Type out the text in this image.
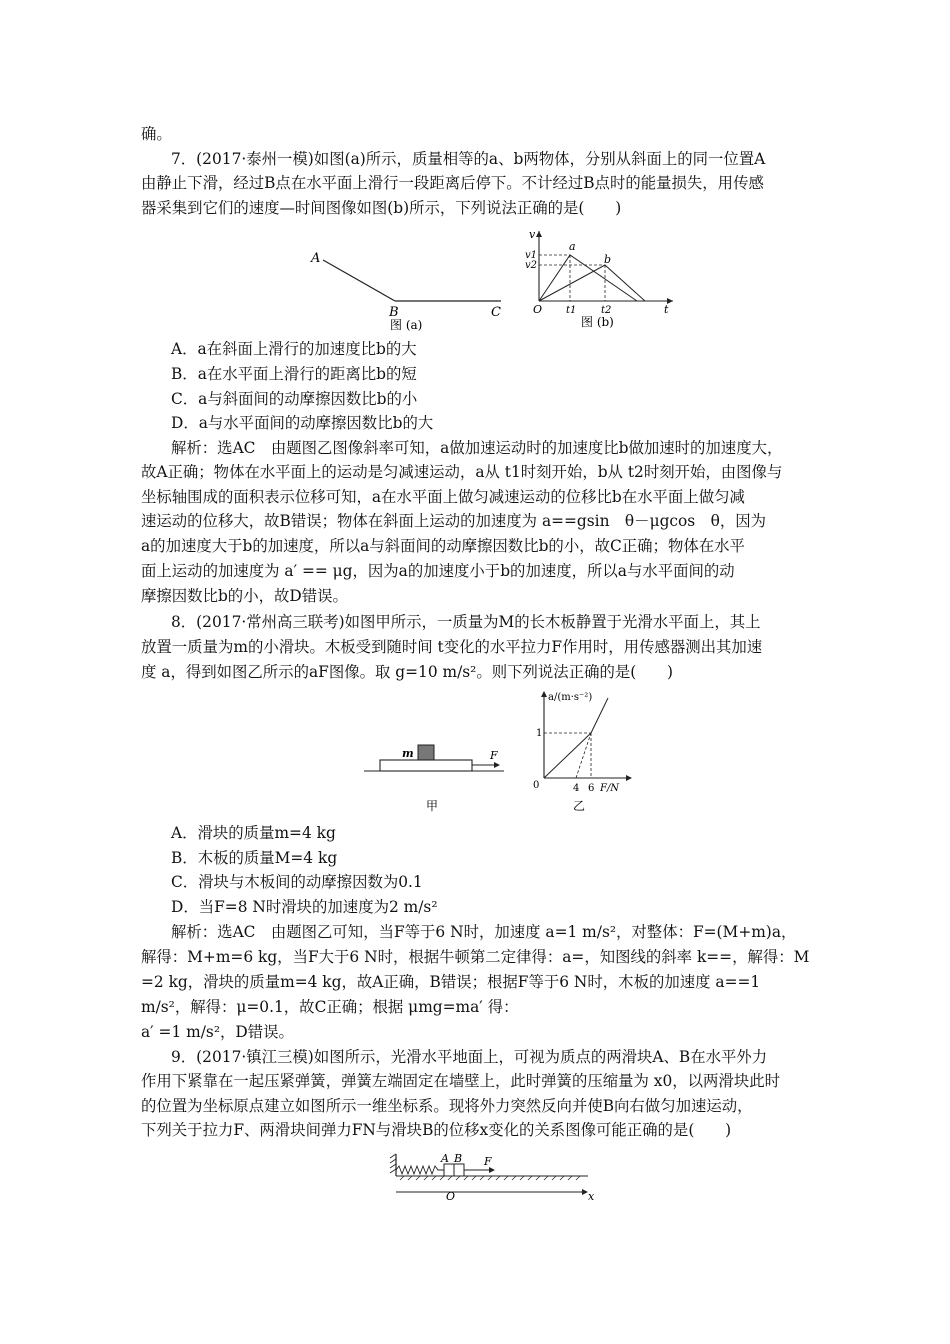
确。
7．(2017·泰州一模)如图(a)所示，质量相等的a、b两物体，分别从斜面上的同一位置A
由静止下滑，经过B点在水平面上滑行一段距离后停下。不计经过B点时的能量损失，用传感
器采集到它们的速度—时间图像如图(b)所示，下列说法正确的是(　　)
A
B	C
图 (a)
v
v1
v2
a
b
O t1 t2	t
图 (b)
A．a在斜面上滑行的加速度比b的大
B．a在水平面上滑行的距离比b的短
C．a与斜面间的动摩擦因数比b的小
D．a与水平面间的动摩擦因数比b的大
解析：选AC　由题图乙图像斜率可知，a做加速运动时的加速度比b做加速时的加速度大，
故A正确；物体在水平面上的运动是匀减速运动，a从 t1时刻开始，b从 t2时刻开始，由图像与
坐标轴围成的面积表示位移可知，a在水平面上做匀减速运动的位移比b在水平面上做匀减
速运动的位移大，故B错误；物体在斜面上运动的加速度为 a==gsin　θ－μgcos　θ，因为
a的加速度大于b的加速度，所以a与斜面间的动摩擦因数比b的小，故C正确；物体在水平
面上运动的加速度为 a′ == μg，因为a的加速度小于b的加速度，所以a与水平面间的动
摩擦因数比b的小，故D错误。
8．(2017·常州高三联考)如图甲所示，一质量为M的长木板静置于光滑水平面上，其上
放置一质量为m的小滑块。木板受到随时间 t变化的水平拉力F作用时，用传感器测出其加速
度 a，得到如图乙所示的aF图像。取 g=10 m/s²。则下列说法正确的是(　　)
m	F
甲
a/(m·s⁻²)
1
0	4 6 F/N
乙
A．滑块的质量m=4 kg
B．木板的质量M=4 kg
C．滑块与木板间的动摩擦因数为0.1
D．当F=8 N时滑块的加速度为2 m/s²
解析：选AC　由题图乙可知，当F等于6 N时，加速度 a=1 m/s²，对整体：F=(M+m)a，
解得：M+m=6 kg，当F大于6 N时，根据牛顿第二定律得：a=，知图线的斜率 k==，解得：M
=2 kg，滑块的质量m=4 kg，故A正确，B错误；根据F等于6 N时，木板的加速度 a==1
m/s²，解得：μ=0.1，故C正确；根据 μmg=ma′ 得：
a′ =1 m/s²，D错误。
9．(2017·镇江三模)如图所示，光滑水平地面上，可视为质点的两滑块A、B在水平外力
作用下紧靠在一起压紧弹簧，弹簧左端固定在墙壁上，此时弹簧的压缩量为 x0，以两滑块此时
的位置为坐标原点建立如图所示一维坐标系。现将外力突然反向并使B向右做匀加速运动，
下列关于拉力F、两滑块间弹力FN与滑块B的位移x变化的关系图像可能正确的是(　　)
A B F
O	x
